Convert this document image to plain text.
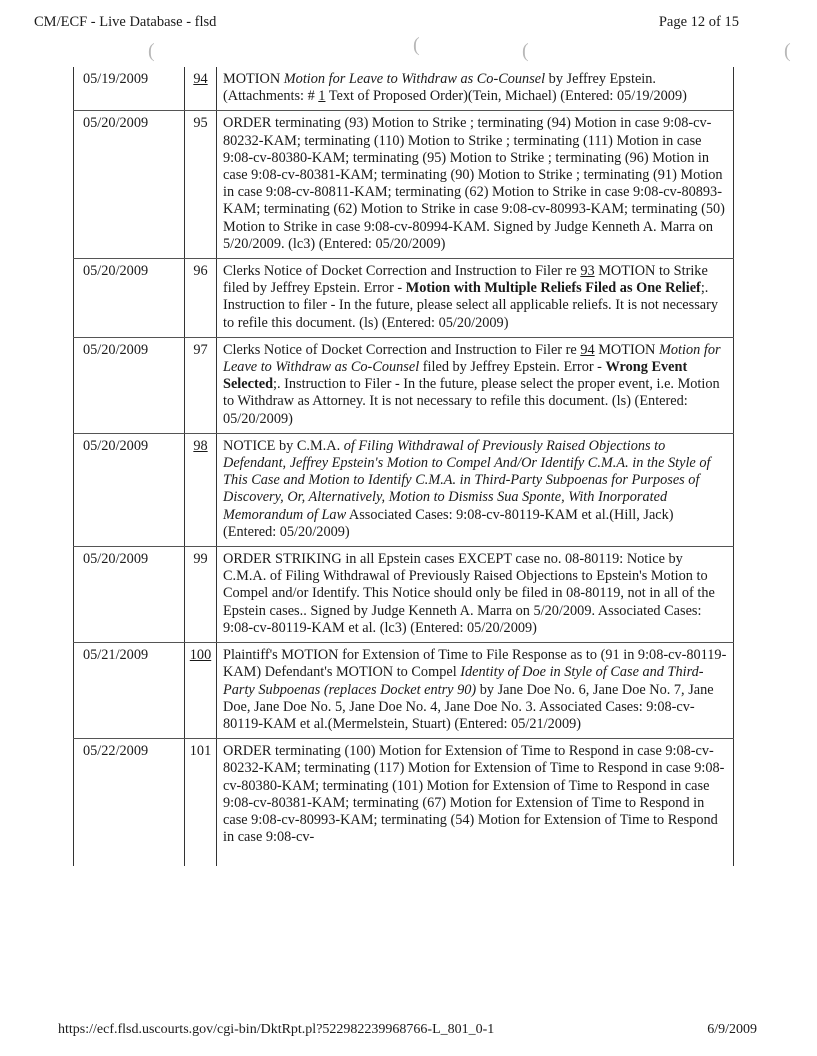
CM/ECF - Live Database - flsd	Page 12 of 15
(	(	(	(
05/19/2009	94	MOTION Motion for Leave to Withdraw as Co-Counsel by Jeffrey Epstein. (Attachments: # 1 Text of Proposed Order)(Tein, Michael) (Entered: 05/19/2009)
05/20/2009	95	ORDER terminating (93) Motion to Strike ; terminating (94) Motion in case 9:08-cv-80232-KAM; terminating (110) Motion to Strike ; terminating (111) Motion in case 9:08-cv-80380-KAM; terminating (95) Motion to Strike ; terminating (96) Motion in case 9:08-cv-80381-KAM; terminating (90) Motion to Strike ; terminating (91) Motion in case 9:08-cv-80811-KAM; terminating (62) Motion to Strike in case 9:08-cv-80893-KAM; terminating (62) Motion to Strike in case 9:08-cv-80993-KAM; terminating (50) Motion to Strike in case 9:08-cv-80994-KAM. Signed by Judge Kenneth A. Marra on 5/20/2009. (lc3) (Entered: 05/20/2009)
05/20/2009	96	Clerks Notice of Docket Correction and Instruction to Filer re 93 MOTION to Strike filed by Jeffrey Epstein. Error - Motion with Multiple Reliefs Filed as One Relief;. Instruction to filer - In the future, please select all applicable reliefs. It is not necessary to refile this document. (ls) (Entered: 05/20/2009)
05/20/2009	97	Clerks Notice of Docket Correction and Instruction to Filer re 94 MOTION Motion for Leave to Withdraw as Co-Counsel filed by Jeffrey Epstein. Error - Wrong Event Selected;. Instruction to Filer - In the future, please select the proper event, i.e. Motion to Withdraw as Attorney. It is not necessary to refile this document. (ls) (Entered: 05/20/2009)
05/20/2009	98	NOTICE by C.M.A. of Filing Withdrawal of Previously Raised Objections to Defendant, Jeffrey Epstein's Motion to Compel And/Or Identify C.M.A. in the Style of This Case and Motion to Identify C.M.A. in Third-Party Subpoenas for Purposes of Discovery, Or, Alternatively, Motion to Dismiss Sua Sponte, With Inorporated Memorandum of Law Associated Cases: 9:08-cv-80119-KAM et al.(Hill, Jack) (Entered: 05/20/2009)
05/20/2009	99	ORDER STRIKING in all Epstein cases EXCEPT case no. 08-80119: Notice by C.M.A. of Filing Withdrawal of Previously Raised Objections to Epstein's Motion to Compel and/or Identify. This Notice should only be filed in 08-80119, not in all of the Epstein cases.. Signed by Judge Kenneth A. Marra on 5/20/2009. Associated Cases: 9:08-cv-80119-KAM et al. (lc3) (Entered: 05/20/2009)
05/21/2009	100	Plaintiff's MOTION for Extension of Time to File Response as to (91 in 9:08-cv-80119-KAM) Defendant's MOTION to Compel Identity of Doe in Style of Case and Third-Party Subpoenas (replaces Docket entry 90) by Jane Doe No. 6, Jane Doe No. 7, Jane Doe, Jane Doe No. 5, Jane Doe No. 4, Jane Doe No. 3. Associated Cases: 9:08-cv-80119-KAM et al.(Mermelstein, Stuart) (Entered: 05/21/2009)
05/22/2009	101	ORDER terminating (100) Motion for Extension of Time to Respond in case 9:08-cv-80232-KAM; terminating (117) Motion for Extension of Time to Respond in case 9:08-cv-80380-KAM; terminating (101) Motion for Extension of Time to Respond in case 9:08-cv-80381-KAM; terminating (67) Motion for Extension of Time to Respond in case 9:08-cv-80993-KAM; terminating (54) Motion for Extension of Time to Respond in case 9:08-cv-
https://ecf.flsd.uscourts.gov/cgi-bin/DktRpt.pl?522982239968766-L_801_0-1	6/9/2009
